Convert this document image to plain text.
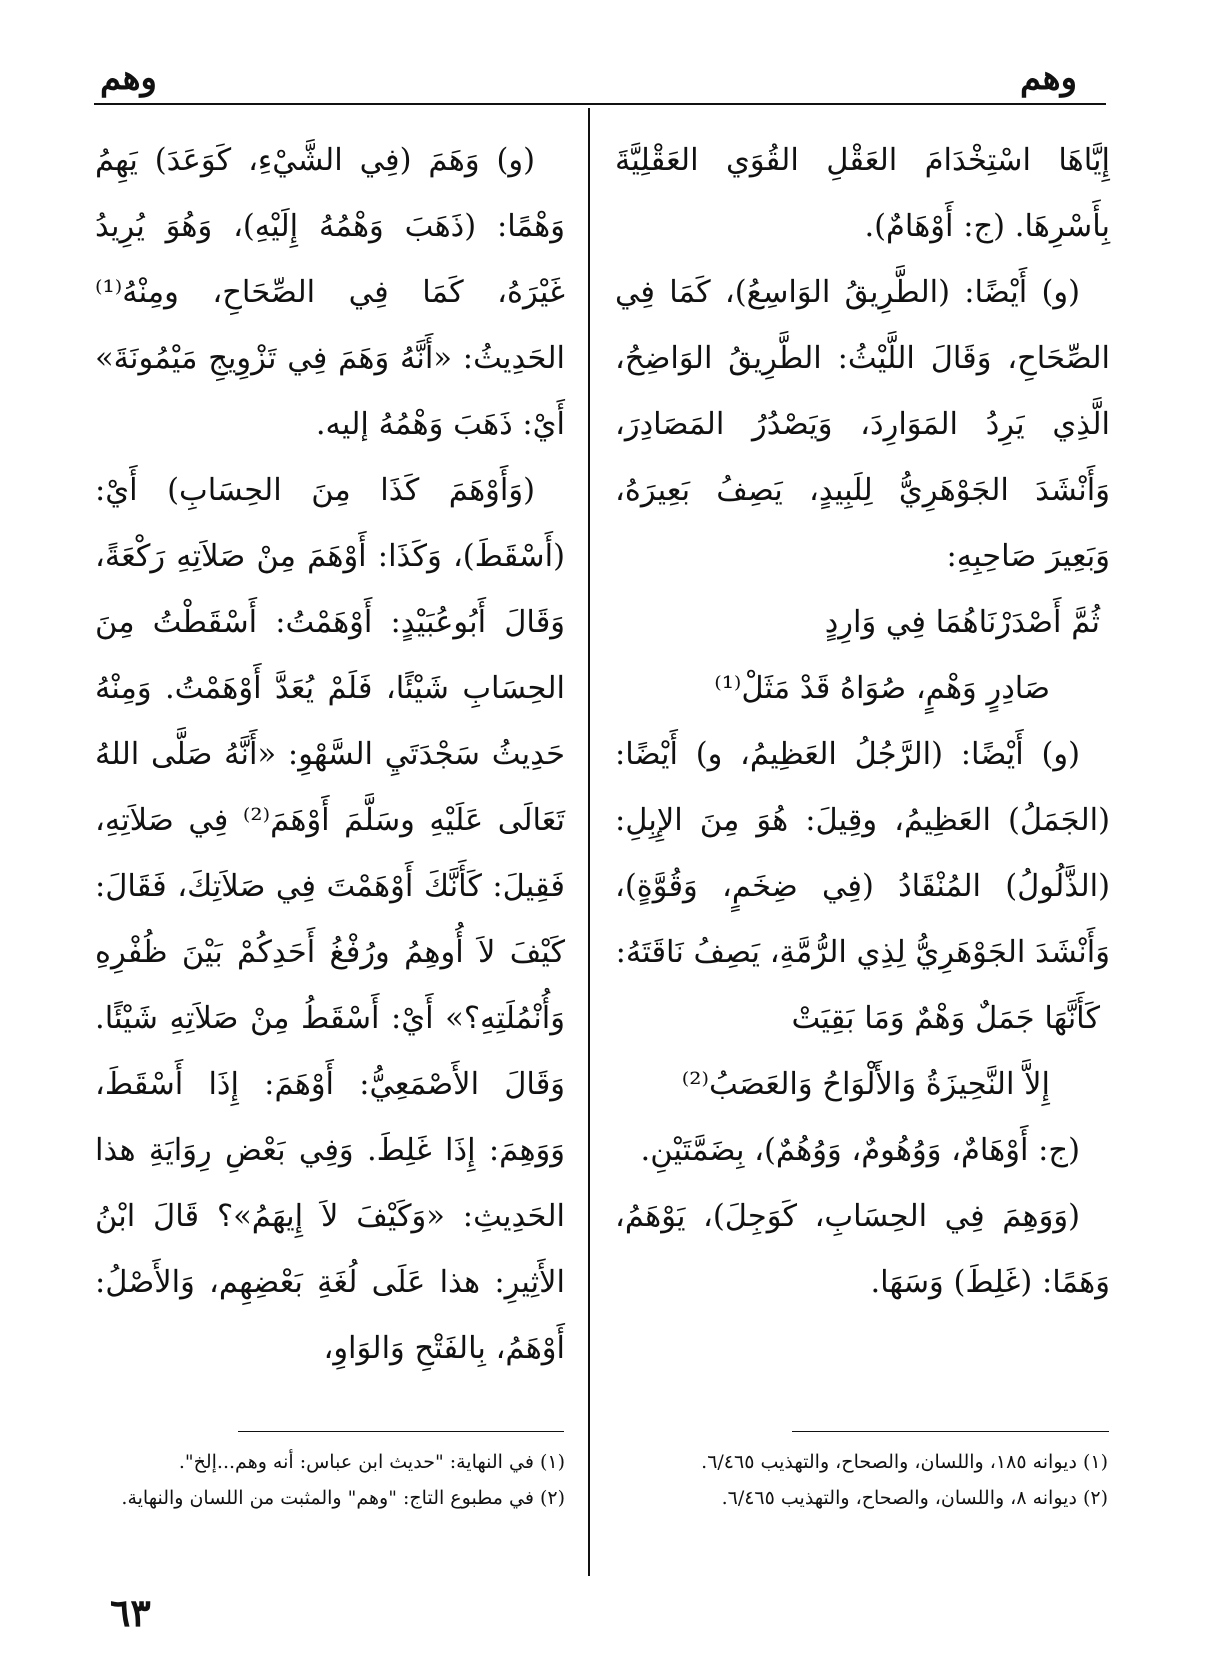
وهم
وهم

إِيَّاهَا اسْتِخْدَامَ العَقْلِ القُوَي العَقْلِيَّةَ بِأَسْرِهَا. (ج: أَوْهَامٌ).

(و) أَيْضًا: (الطَّرِيقُ الوَاسِعُ)، كَمَا فِي الصِّحَاحِ، وَقَالَ اللَّيْثُ: الطَّرِيقُ الوَاضِحُ، الَّذِي يَرِدُ المَوَارِدَ، وَيَصْدُرُ المَصَادِرَ، وَأَنْشَدَ الجَوْهَرِيُّ لِلَبِيدٍ، يَصِفُ بَعِيرَهُ، وَبَعِيرَ صَاحِبِهِ:

ثُمَّ أَصْدَرْنَاهُمَا فِي وَارِدٍ

صَادِرٍ وَهْمٍ، صُوَاهُ قَدْ مَثَلْ⁽¹⁾

(و) أَيْضًا: (الرَّجُلُ العَظِيمُ، و) أَيْضًا: (الجَمَلُ) العَظِيمُ، وقِيلَ: هُوَ مِنَ الإِبِلِ: (الذَّلُولُ) المُنْقَادُ (فِي ضِخَمٍ، وَقُوَّةٍ)، وَأَنْشَدَ الجَوْهَرِيُّ لِذِي الرُّمَّةِ، يَصِفُ نَاقَتَهُ:

كَأَنَّهَا جَمَلٌ وَهْمٌ وَمَا بَقِيَتْ

إِلاَّ النَّحِيزَةُ وَالأَلْوَاحُ وَالعَصَبُ⁽²⁾

(ج: أَوْهَامٌ، وَوُهُومٌ، وَوُهُمٌ)، بِضَمَّتَيْنِ.

(وَوَهِمَ فِي الحِسَابِ، كَوَجِلَ)، يَوْهَمُ، وَهَمًا: (غَلِطَ) وَسَهَا.

(و) وَهَمَ (فِي الشَّيْءِ، كَوَعَدَ) يَهِمُ وَهْمًا: (ذَهَبَ وَهْمُهُ إِلَيْهِ)، وَهُوَ يُرِيدُ غَيْرَهُ، كَمَا فِي الصِّحَاحِ، ومِنْهُ⁽¹⁾ الحَدِيثُ: «أَنَّهُ وَهَمَ فِي تَزْوِيجِ مَيْمُونَةَ» أَيْ: ذَهَبَ وَهْمُهُ إليه.

(وَأَوْهَمَ كَذَا مِنَ الحِسَابِ) أَيْ: (أَسْقَطَ)، وَكَذَا: أَوْهَمَ مِنْ صَلاَتِهِ رَكْعَةً، وَقَالَ أَبُوعُبَيْدٍ: أَوْهَمْتُ: أَسْقَطْتُ مِنَ الحِسَابِ شَيْئًا، فَلَمْ يُعَدَّ أَوْهَمْتُ. وَمِنْهُ حَدِيثُ سَجْدَتَيِ السَّهْوِ: «أَنَّهُ صَلَّى اللهُ تَعَالَى عَلَيْهِ وسَلَّمَ أَوْهَمَ⁽²⁾ فِي صَلاَتِهِ، فَقِيلَ: كَأَنَّكَ أَوْهَمْتَ فِي صَلاَتِكَ، فَقَالَ: كَيْفَ لاَ أُوهِمُ ورُفْغُ أَحَدِكُمْ بَيْنَ ظُفْرِهِ وَأُنْمُلَتِهِ؟» أَيْ: أَسْقَطُ مِنْ صَلاَتِهِ شَيْئًا. وَقَالَ الأَصْمَعِيُّ: أَوْهَمَ: إِذَا أَسْقَطَ، وَوَهِمَ: إِذَا غَلِطَ. وَفِي بَعْضِ رِوَايَةِ هذا الحَدِيثِ: «وَكَيْفَ لاَ إِيهَمُ»؟ قَالَ ابْنُ الأَثِيرِ: هذا عَلَى لُغَةِ بَعْضِهِم، وَالأَصْلُ: أَوْهَمُ، بِالفَتْحِ وَالوَاوِ،

(١) ديوانه ١٨٥، واللسان، والصحاح، والتهذيب ٦/٤٦٥.

(٢) ديوانه ٨، واللسان، والصحاح، والتهذيب ٦/٤٦٥.

(١) في النهاية: "حديث ابن عباس: أنه وهم...إلخ".

(٢) في مطبوع التاج: "وهم" والمثبت من اللسان والنهاية.

٦٣
